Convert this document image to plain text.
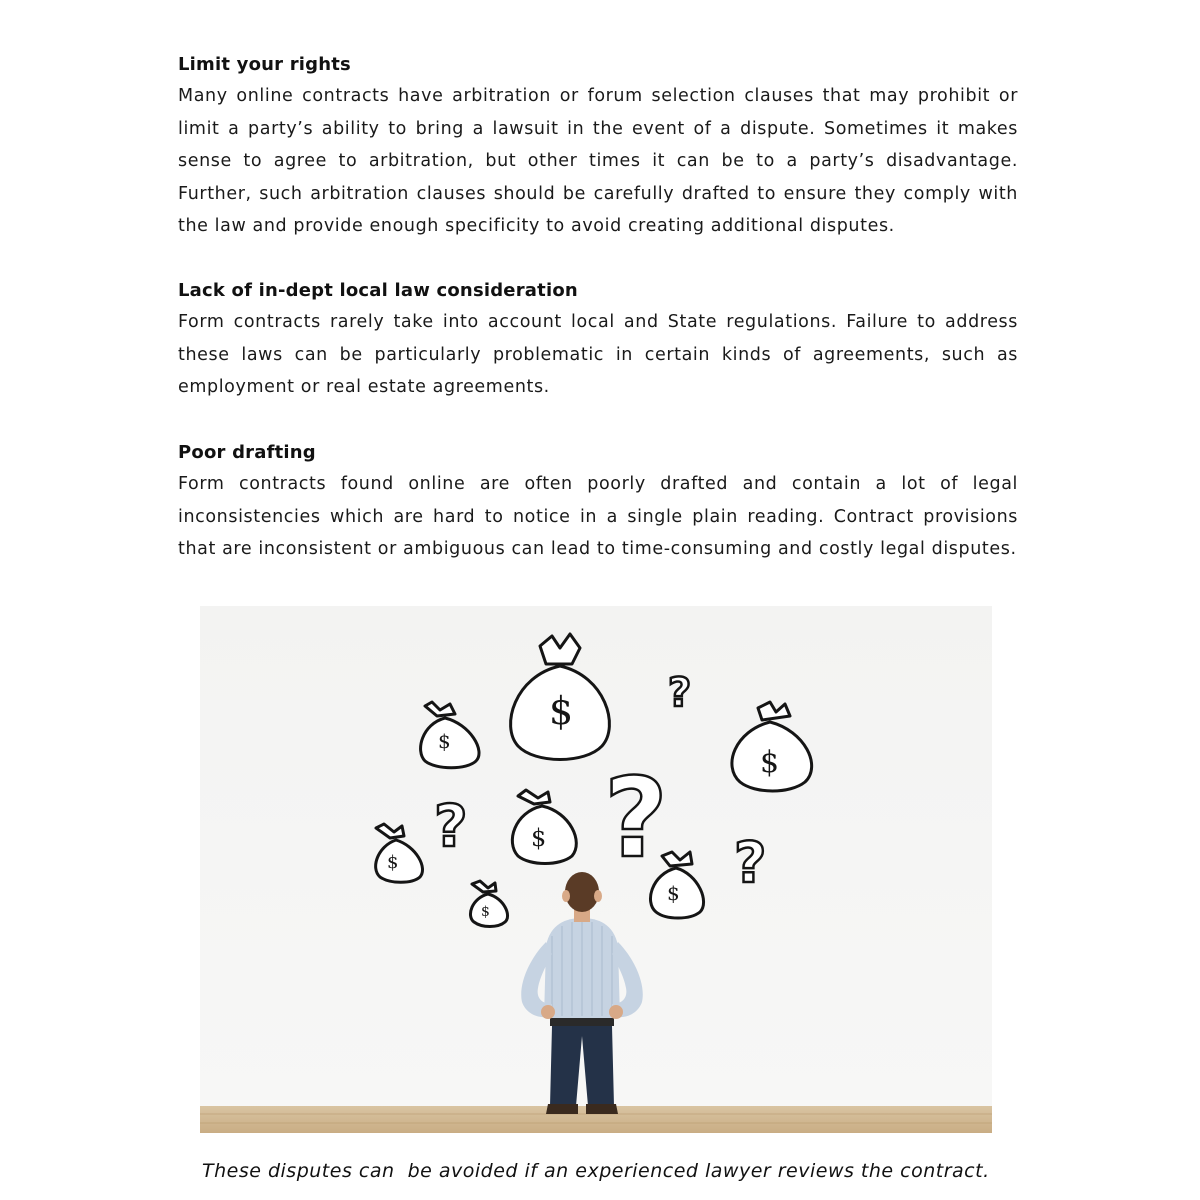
Limit your rights

Many online contracts have arbitration or forum selection clauses that may prohibit or limit a party’s ability to bring a lawsuit in the event of a dispute. Sometimes it makes sense to agree to arbitration, but other times it can be to a party’s disadvantage. Further, such arbitration clauses should be carefully drafted to ensure they comply with the law and provide enough specificity to avoid creating additional disputes.

Lack of in-dept local law consideration

Form contracts rarely take into account local and State regulations. Failure to address these laws can be particularly problematic in certain kinds of agreements, such as employment or real estate agreements.

Poor drafting

Form contracts found online are often poorly drafted and contain a lot of legal inconsistencies which are hard to notice in a single plain reading. Contract provisions that are inconsistent or ambiguous can lead to time-consuming and costly legal disputes.

$
$
$
$
$
$
$
?
?
?
?

These disputes can  be avoided if an experienced lawyer reviews the contract.
